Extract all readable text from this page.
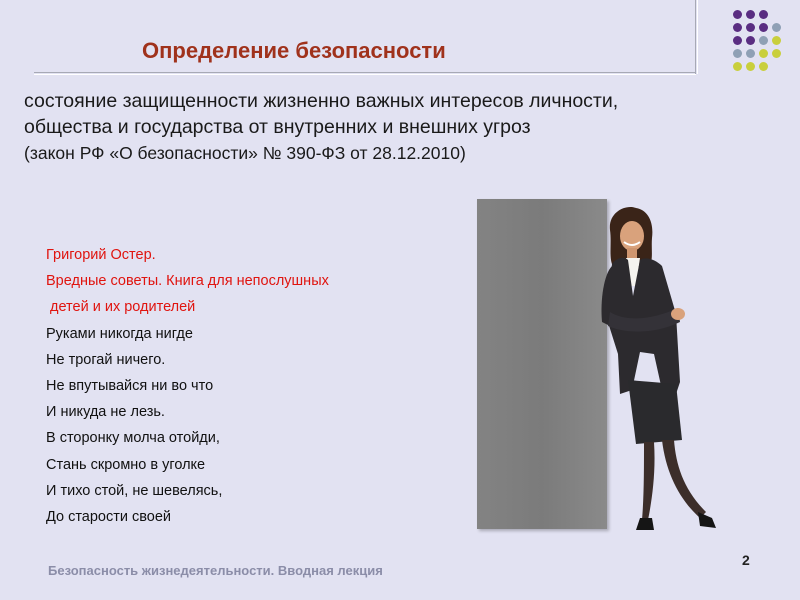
Определение безопасности
состояние защищенности жизненно важных интересов личности,
общества и государства от внутренних и внешних угроз
(закон РФ «О безопасности» № 390-ФЗ от 28.12.2010)
Григорий Остер.
Вредные советы. Книга для непослушных
детей и их родителей
Руками никогда нигде
Не трогай ничего.
Не впутывайся ни во что
И никуда не лезь.
В сторонку молча отойди,
Стань скромно в уголке
И тихо стой, не шевелясь,
До старости своей
Безопасность жизнедеятельности. Вводная лекция
2
